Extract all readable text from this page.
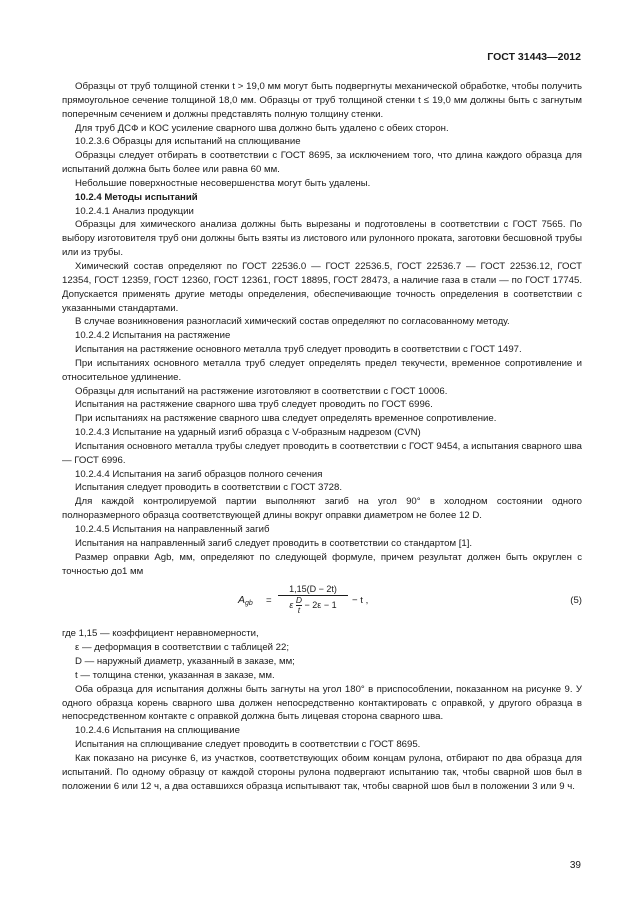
ГОСТ 31443—2012

Образцы от труб толщиной стенки t > 19,0 мм могут быть подвергнуты механической обработке, чтобы получить прямоугольное сечение толщиной 18,0 мм. Образцы от труб толщиной стенки t ≤ 19,0 мм должны быть с загнутым поперечным сечением и должны представлять полную толщину стенки.

Для труб ДСФ и КОС усиление сварного шва должно быть удалено с обеих сторон.

10.2.3.6 Образцы для испытаний на сплющивание

Образцы следует отбирать в соответствии с ГОСТ 8695, за исключением того, что длина каждого образца для испытаний должна быть более или равна 60 мм.

Небольшие поверхностные несовершенства могут быть удалены.

10.2.4 Методы испытаний

10.2.4.1 Анализ продукции

Образцы для химического анализа должны быть вырезаны и подготовлены в соответствии с ГОСТ 7565. По выбору изготовителя труб они должны быть взяты из листового или рулонного проката, заготовки бесшовной трубы или из трубы.

Химический состав определяют по ГОСТ 22536.0 — ГОСТ 22536.5, ГОСТ 22536.7 — ГОСТ 22536.12, ГОСТ 12354, ГОСТ 12359, ГОСТ 12360, ГОСТ 12361, ГОСТ 18895, ГОСТ 28473, а наличие газа в стали — по ГОСТ 17745. Допускается применять другие методы определения, обеспечивающие точность определения в соответствии с указанными стандартами.

В случае возникновения разногласий химический состав определяют по согласованному методу.

10.2.4.2 Испытания на растяжение

Испытания на растяжение основного металла труб следует проводить в соответствии с ГОСТ 1497.

При испытаниях основного металла труб следует определять предел текучести, временное сопротивление и относительное удлинение.

Образцы для испытаний на растяжение изготовляют в соответствии с ГОСТ 10006.

Испытания на растяжение сварного шва труб следует проводить по ГОСТ 6996.

При испытаниях на растяжение сварного шва следует определять временное сопротивление.

10.2.4.3 Испытание на ударный изгиб образца с V-образным надрезом (CVN)

Испытания основного металла трубы следует проводить в соответствии с ГОСТ 9454, а испытания сварного шва — ГОСТ 6996.

10.2.4.4 Испытания на загиб образцов полного сечения

Испытания следует проводить в соответствии с ГОСТ 3728.

Для каждой контролируемой партии выполняют загиб на угол 90° в холодном состоянии одного полноразмерного образца соответствующей длины вокруг оправки диаметром не более 12 D.

10.2.4.5 Испытания на направленный загиб

Испытания на направленный загиб следует проводить в соответствии со стандартом [1].

Размер оправки Agb, мм, определяют по следующей формуле, причем результат должен быть округлен с точностью до1 мм

$A_{gb} = \frac{1,15(D - 2t)}{\varepsilon \frac{D}{t} - 2\varepsilon - 1} - t$ ,	(5)

где 1,15 — коэффициент неравномерности,

ε — деформация в соответствии с таблицей 22;

D — наружный диаметр, указанный в заказе, мм;

t — толщина стенки, указанная в заказе, мм.

Оба образца для испытания должны быть загнуты на угол 180° в приспособлении, показанном на рисунке 9. У одного образца корень сварного шва должен непосредственно контактировать с оправкой, у другого образца в непосредственном контакте с оправкой должна быть лицевая сторона сварного шва.

10.2.4.6 Испытания на сплющивание

Испытания на сплющивание следует проводить в соответствии с ГОСТ 8695.

Как показано на рисунке 6, из участков, соответствующих обоим концам рулона, отбирают по два образца для испытаний. По одному образцу от каждой стороны рулона подвергают испытанию так, чтобы сварной шов был в положении 6 или 12 ч, а два оставшихся образца испытывают так, чтобы сварной шов был в положении 3 или 9 ч.

39
